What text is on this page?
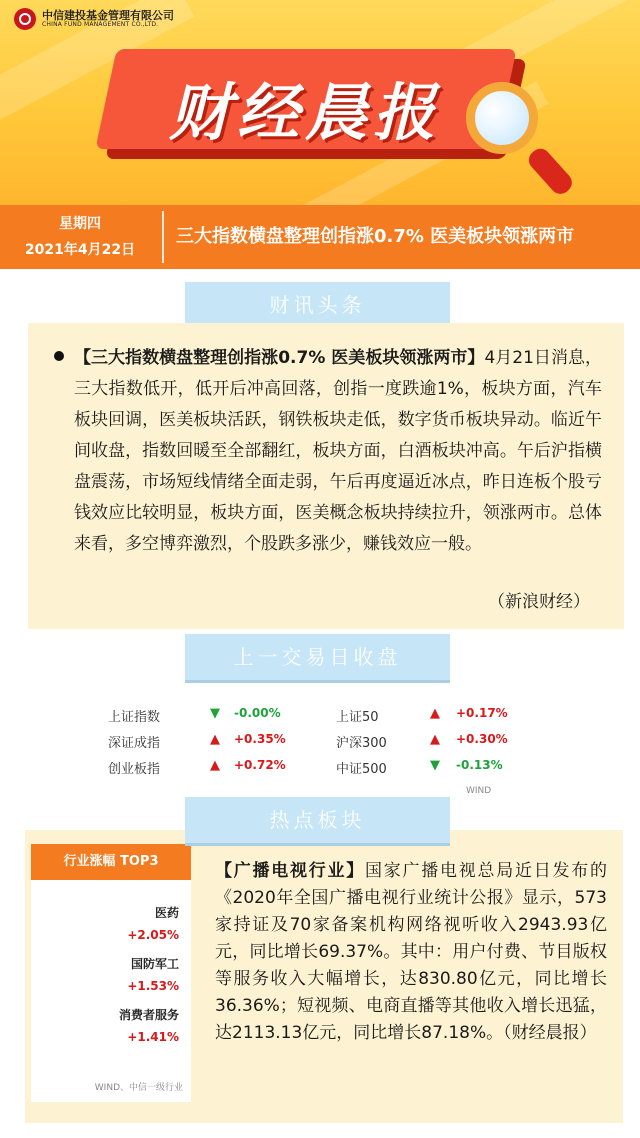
中信建投基金管理有限公司
CHINA FUND MANAGEMENT CO.,LTD.
财经晨报
星期四
2021年4月22日
三大指数横盘整理创指涨0.7% 医美板块领涨两市
财讯头条

【三大指数横盘整理创指涨0.7% 医美板块领涨两市】4月21日消息，三大指数低开，低开后冲高回落，创指一度跌逾1%，板块方面，汽车板块回调，医美板块活跃，钢铁板块走低，数字货币板块异动。临近午间收盘，指数回暖至全部翻红，板块方面，白酒板块冲高。午后沪指横盘震荡，市场短线情绪全面走弱，午后再度逼近冰点，昨日连板个股亏钱效应比较明显，板块方面，医美概念板块持续拉升，领涨两市。总体来看，多空博弈激烈，个股跌多涨少，赚钱效应一般。

（新浪财经）
上一交易日收盘
上证指数	▼ -0.00%
深证成指	▲ +0.35%
创业板指	▲ +0.72%
上证50	▲ +0.17%
沪深300	▲ +0.30%
中证500	▼ -0.13%
WIND
行业涨幅 TOP3
医药
+2.05%
国防军工
+1.53%
消费者服务
+1.41%
WIND、中信一级行业

【广播电视行业】国家广播电视总局近日发布的《2020年全国广播电视行业统计公报》显示，573家持证及70家备案机构网络视听收入2943.93亿元，同比增长69.37%。其中：用户付费、节目版权等服务收入大幅增长，达830.80亿元，同比增长36.36%；短视频、电商直播等其他收入增长迅猛，达2113.13亿元，同比增长87.18%。（财经晨报）

热点板块
